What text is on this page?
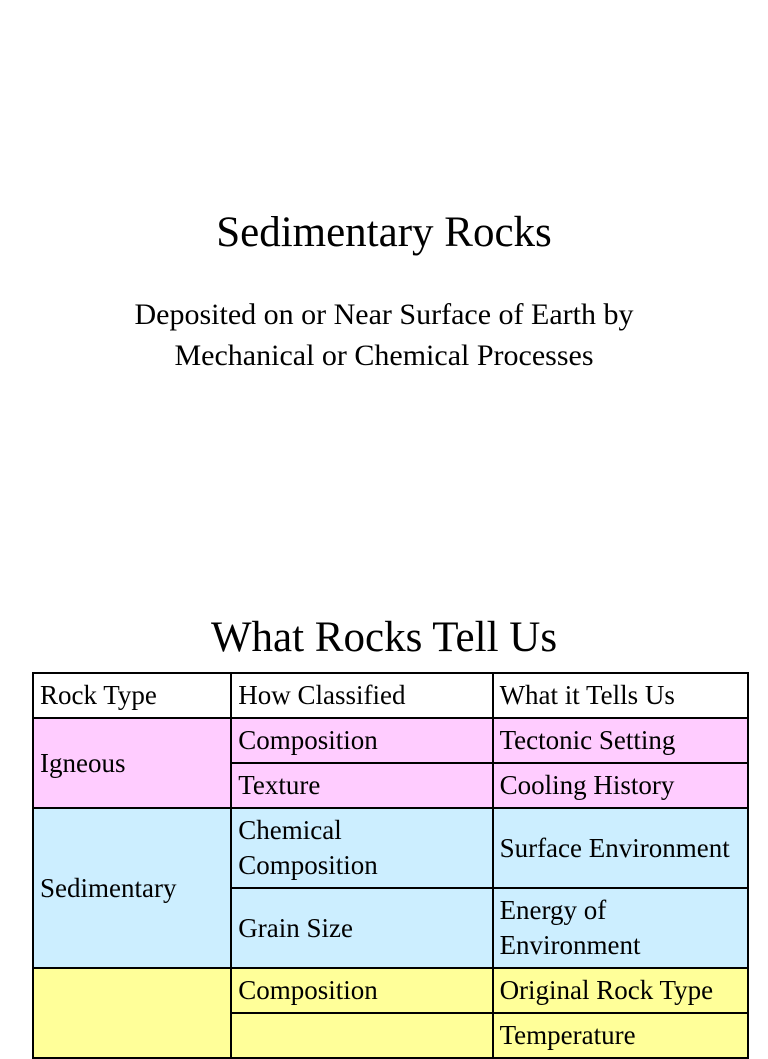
Sedimentary Rocks

Deposited on or Near Surface of Earth by
Mechanical or Chemical Processes

What Rocks Tell Us
Rock Type	How Classified	What it Tells Us
Igneous	Composition	Tectonic Setting
	Texture	Cooling History
Sedimentary	Chemical Composition	Surface Environment
	Grain Size	Energy of Environment
	Composition	Original Rock Type
		Temperature
